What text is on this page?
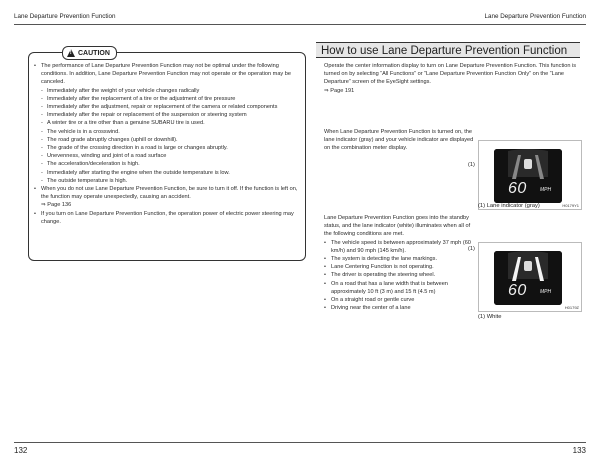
Lane Departure Prevention Function	Lane Departure Prevention Function
!
CAUTION
• The performance of Lane Departure Prevention Function may not be optimal under the following conditions. In addition, Lane Departure Prevention Function may not operate or the operation may be canceled.
- Immediately after the weight of your vehicle changes radically
- Immediately after the replacement of a tire or the adjustment of tire pressure
- Immediately after the adjustment, repair or replacement of the camera or related components
- Immediately after the repair or replacement of the suspension or steering system
- A winter tire or a tire other than a genuine SUBARU tire is used.
- The vehicle is in a crosswind.
- The road grade abruptly changes (uphill or downhill).
- The grade of the crossing direction in a road is large or changes abruptly.
- Unevenness, winding and joint of a road surface
- The acceleration/deceleration is high.
- Immediately after starting the engine when the outside temperature is low.
- The outside temperature is high.
• When you do not use Lane Departure Prevention Function, be sure to turn it off. If the function is left on, the function may operate unexpectedly, causing an accident.
⇒ Page 136
• If you turn on Lane Departure Prevention Function, the operation power of electric power steering may change.
How to use Lane Departure Prevention Function
Operate the center information display to turn on Lane Departure Prevention Function. This function is turned on by selecting “All Functions” or “Lane Departure Prevention Function Only” on the “Lane Departure” screen of the EyeSight settings.
⇒ Page 191
When Lane Departure Prevention Function is turned on, the lane indicator (gray) and your vehicle indicator are displayed on the combination meter display.
Lane Departure Prevention Function goes into the standby status, and the lane indicator (white) illuminates when all of the following conditions are met.
• The vehicle speed is between approximately 37 mph (60 km/h) and 90 mph (145 km/h).
• The system is detecting the lane markings.
• Lane Centering Function is not operating.
• The driver is operating the steering wheel.
• On a road that has a lane width that is between approximately 10 ft (3 m) and 15 ft (4.5 m)
• On a straight road or gentle curve
• Driving near the center of a lane
(1)
60	MPH
H0179Y1
(1) Lane indicator (gray)
(1)
60	MPH
H0179Z
(1) White
132	133
